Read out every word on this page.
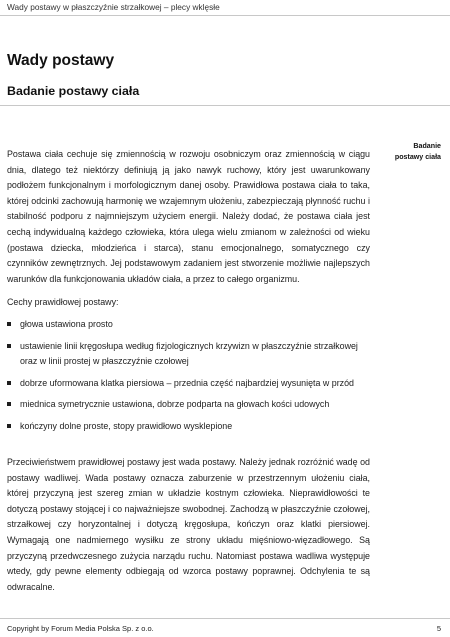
Wady postawy w płaszczyźnie strzałkowej – plecy wklęsłe
Wady postawy
Badanie postawy ciała
Badanie
postawy ciała

Postawa ciała cechuje się zmiennością w rozwoju osobniczym oraz zmiennością w ciągu dnia, dlatego też niektórzy definiują ją jako nawyk ruchowy, który jest uwarunkowany podłożem funkcjonalnym i morfologicznym danej osoby. Prawidłowa postawa ciała to taka, której odcinki zachowują harmonię we wzajemnym ułożeniu, zabezpieczają płynność ruchu i stabilność podporu z najmniejszym użyciem energii. Należy dodać, że postawa ciała jest cechą indywidualną każdego człowieka, która ulega wielu zmianom w zależności od wieku (postawa dziecka, młodzieńca i starca), stanu emocjonalnego, somatycznego czy czynników zewnętrznych. Jej podstawowym zadaniem jest stworzenie możliwie najlepszych warunków dla funkcjonowania układów ciała, a przez to całego organizmu.

Cechy prawidłowej postawy:
głowa ustawiona prosto
ustawienie linii kręgosłupa według fizjologicznych krzywizn w płaszczyźnie strzałkowej oraz w linii prostej w płaszczyźnie czołowej
dobrze uformowana klatka piersiowa – przednia część najbardziej wysunięta w przód
miednica symetrycznie ustawiona, dobrze podparta na głowach kości udowych
kończyny dolne proste, stopy prawidłowo wysklepione

Przeciwieństwem prawidłowej postawy jest wada postawy. Należy jednak rozróżnić wadę od postawy wadliwej. Wada postawy oznacza zaburzenie w przestrzennym ułożeniu ciała, której przyczyną jest szereg zmian w układzie kostnym człowieka. Nieprawidłowości te dotyczą postawy stojącej i co najważniejsze swobodnej. Zachodzą w płaszczyźnie czołowej, strzałkowej czy horyzontalnej i dotyczą kręgosłupa, kończyn oraz klatki piersiowej. Wymagają one nadmiernego wysiłku ze strony układu mięśniowo-więzadłowego. Są przyczyną przedwczesnego zużycia narządu ruchu. Natomiast postawa wadliwa występuje wtedy, gdy pewne elementy odbiegają od wzorca postawy poprawnej. Odchylenia te są odwracalne.

Copyright by Forum Media Polska Sp. z o.o.	5
